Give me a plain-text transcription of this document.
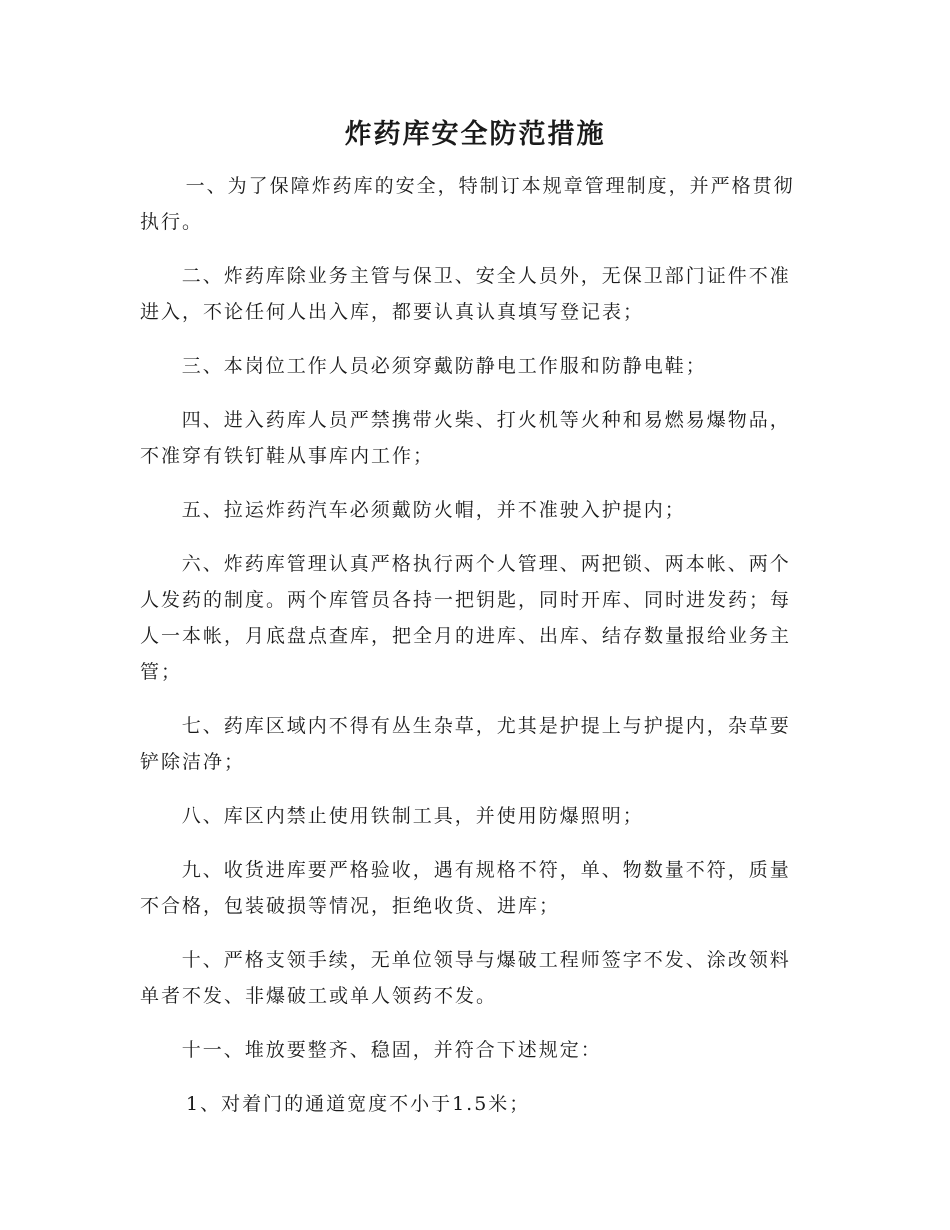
炸药库安全防范措施

一、为了保障炸药库的安全，特制订本规章管理制度，并严格贯彻执行。

二、炸药库除业务主管与保卫、安全人员外，无保卫部门证件不准进入，不论任何人出入库，都要认真认真填写登记表；

三、本岗位工作人员必须穿戴防静电工作服和防静电鞋；

四、进入药库人员严禁携带火柴、打火机等火种和易燃易爆物品，不准穿有铁钉鞋从事库内工作；

五、拉运炸药汽车必须戴防火帽，并不准驶入护提内；

六、炸药库管理认真严格执行两个人管理、两把锁、两本帐、两个人发药的制度。两个库管员各持一把钥匙，同时开库、同时进发药；每人一本帐，月底盘点查库，把全月的进库、出库、结存数量报给业务主管；

七、药库区域内不得有丛生杂草，尤其是护提上与护提内，杂草要铲除洁净；

八、库区内禁止使用铁制工具，并使用防爆照明；

九、收货进库要严格验收，遇有规格不符，单、物数量不符，质量不合格，包装破损等情况，拒绝收货、进库；

十、严格支领手续，无单位领导与爆破工程师签字不发、涂改领料单者不发、非爆破工或单人领药不发。

十一、堆放要整齐、稳固，并符合下述规定：

1、对着门的通道宽度不小于1.5米；
